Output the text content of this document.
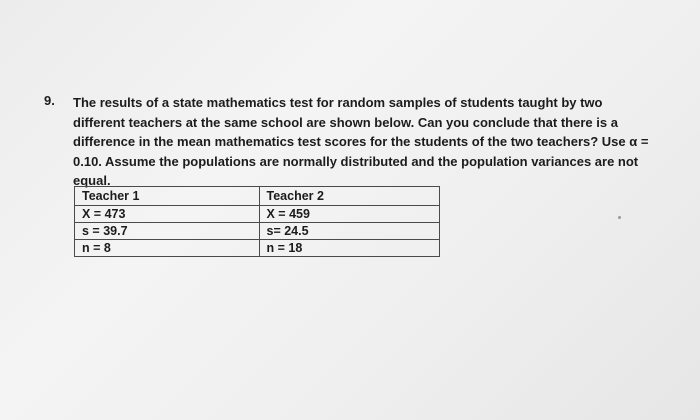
9. The results of a state mathematics test for random samples of students taught by two
different teachers at the same school are shown below. Can you conclude that there is a
difference in the mean mathematics test scores for the students of the two teachers? Use α =
0.10. Assume the populations are normally distributed and the population variances are not
equal.
Teacher 1	Teacher 2
X = 473	X = 459
s = 39.7	s= 24.5
n = 8	n = 18
